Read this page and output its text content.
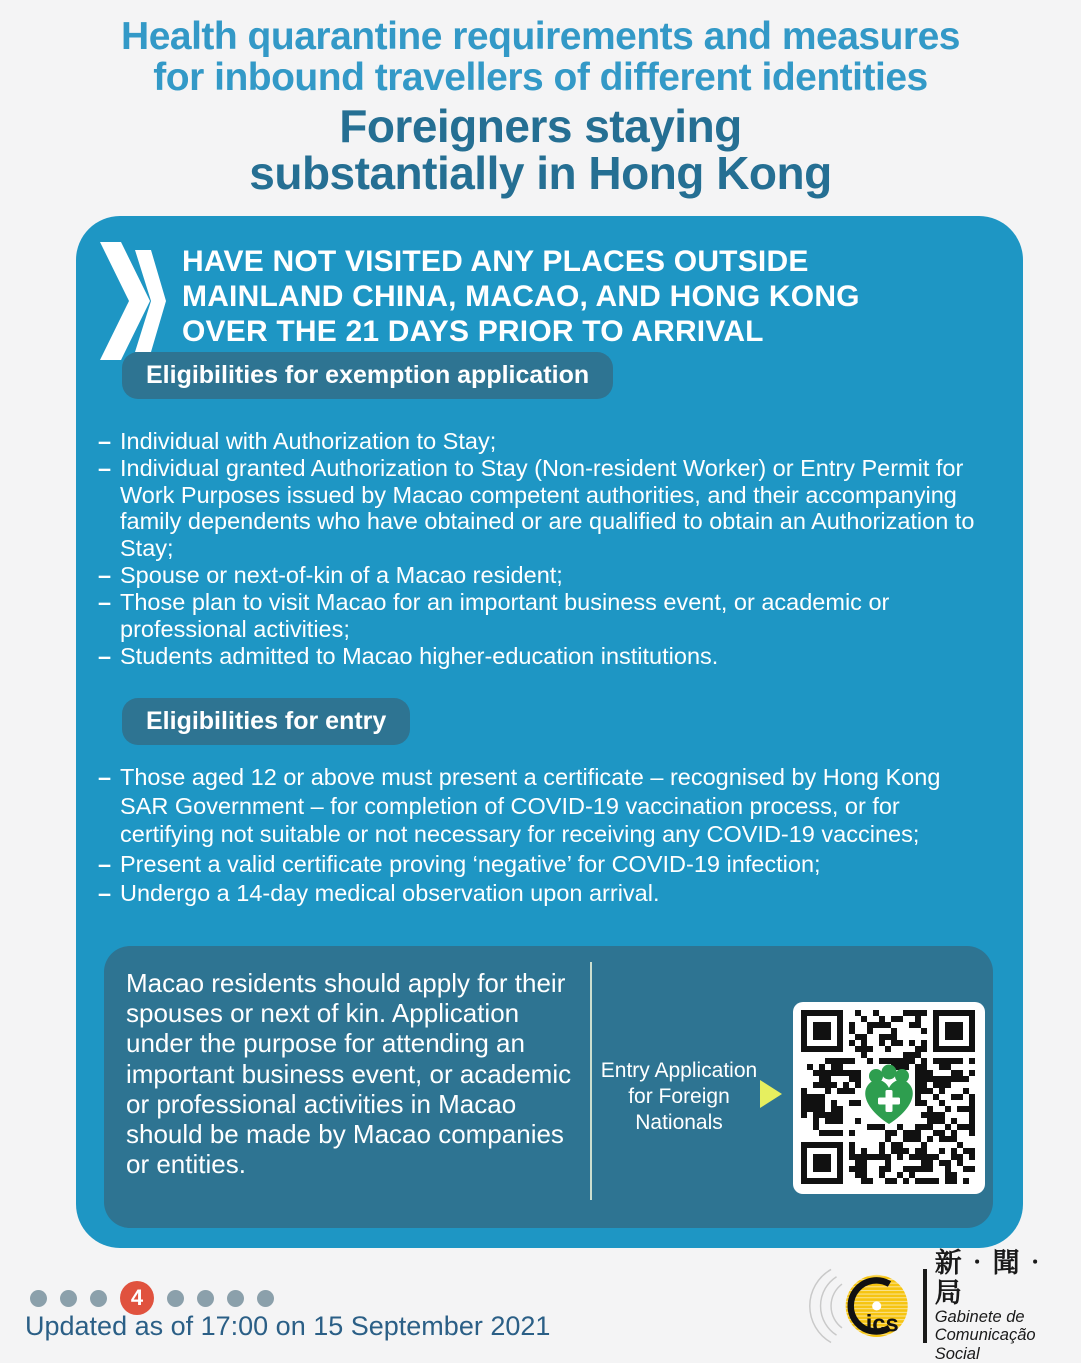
Health quarantine requirements and measures
for inbound travellers of different identities
Foreigners staying
substantially in Hong Kong
HAVE NOT VISITED ANY PLACES OUTSIDE
MAINLAND CHINA, MACAO, AND HONG KONG
OVER THE 21 DAYS PRIOR TO ARRIVAL
Eligibilities for exemption application
– Individual with Authorization to Stay;
– Individual granted Authorization to Stay (Non-resident Worker) or Entry Permit for Work Purposes issued by Macao competent authorities, and their accompanying family dependents who have obtained or are qualified to obtain an Authorization to Stay;
– Spouse or next-of-kin of a Macao resident;
– Those plan to visit Macao for an important business event, or academic or professional activities;
– Students admitted to Macao higher-education institutions.
Eligibilities for entry
– Those aged 12 or above must present a certificate – recognised by Hong Kong SAR Government – for completion of COVID-19 vaccination process, or for certifying not suitable or not necessary for receiving any COVID-19 vaccines;
– Present a valid certificate proving ‘negative’ for COVID-19 infection;
– Undergo a 14-day medical observation upon arrival.
Macao residents should apply for their spouses or next of kin. Application under the purpose for attending an important business event, or academic or professional activities in Macao should be made by Macao companies or entities.
Entry Application for Foreign Nationals
4
Updated as of 17:00 on 15 September 2021	ics
新‧聞‧局
Gabinete de
Comunicação Social
